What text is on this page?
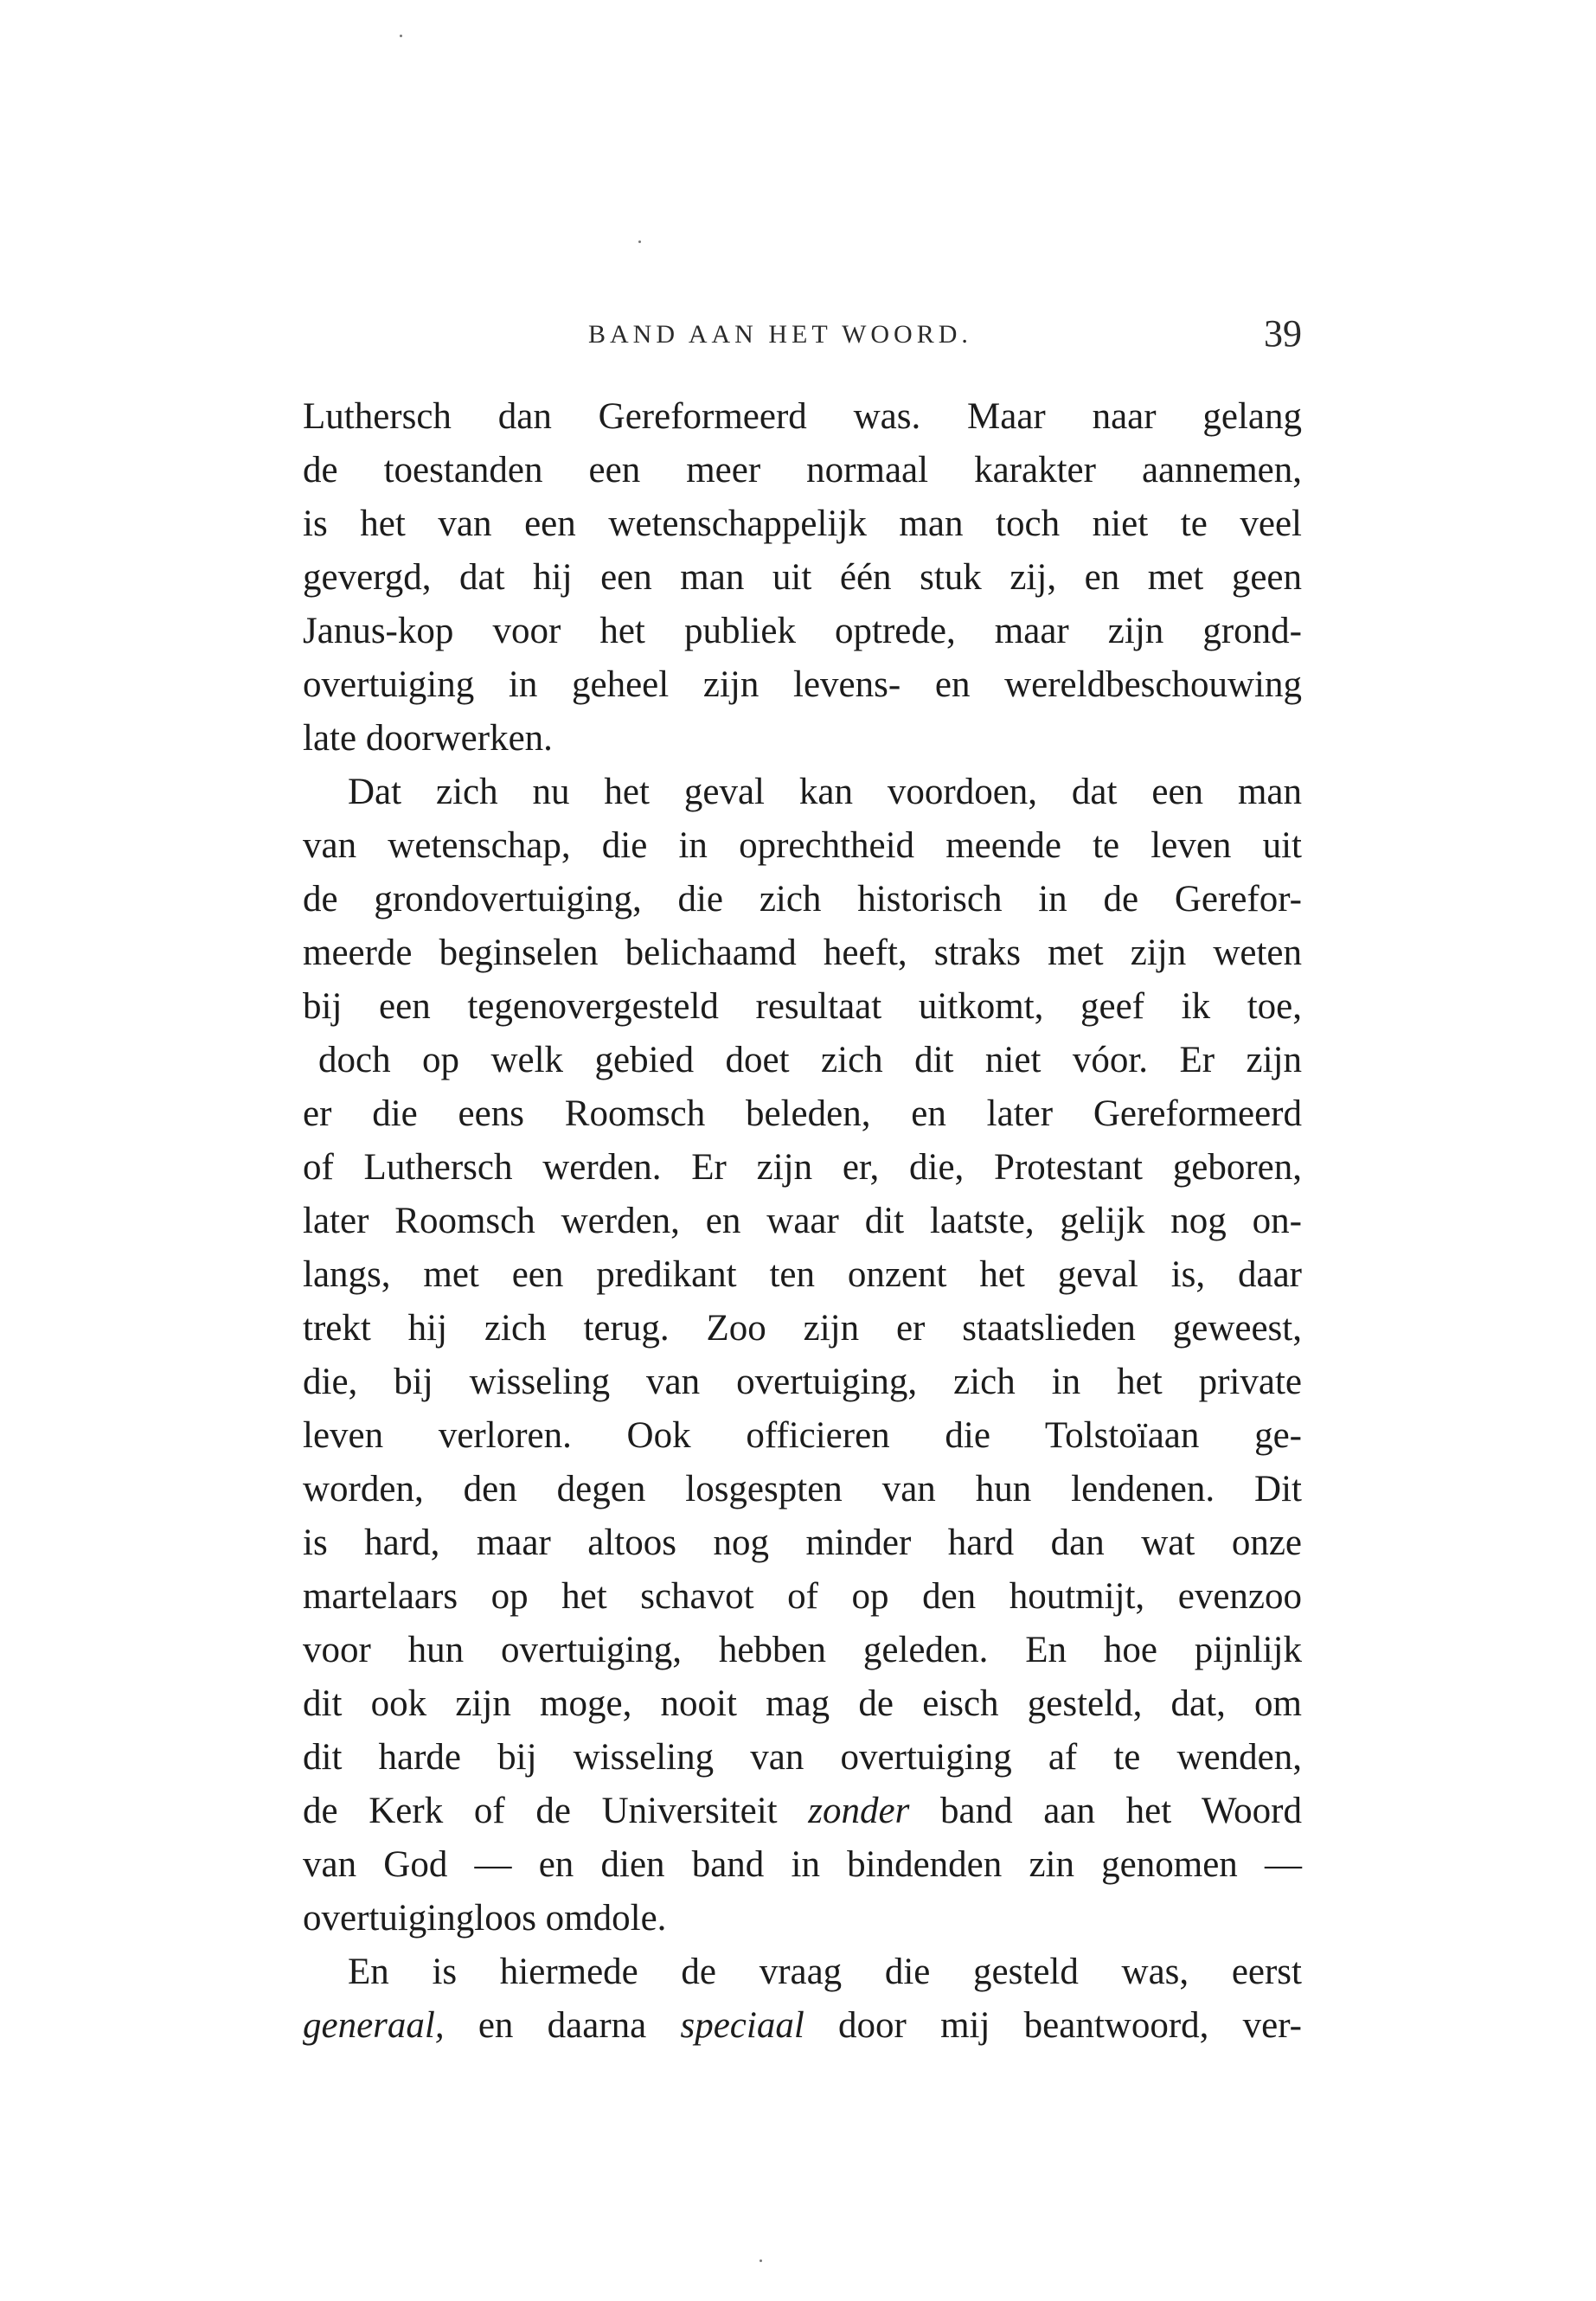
BAND AAN HET WOORD.	39
Luthersch dan Gereformeerd was. Maar naar gelang
de toestanden een meer normaal karakter aannemen,
is het van een wetenschappelijk man toch niet te veel
gevergd, dat hij een man uit één stuk zij, en met geen
Janus-kop voor het publiek optrede, maar zijn grond-
overtuiging in geheel zijn levens- en wereldbeschouwing
late doorwerken.
Dat zich nu het geval kan voordoen, dat een man
van wetenschap, die in oprechtheid meende te leven uit
de grondovertuiging, die zich historisch in de Gerefor-
meerde beginselen belichaamd heeft, straks met zijn weten
bij een tegenovergesteld resultaat uitkomt, geef ik toe,
doch op welk gebied doet zich dit niet vóor. Er zijn
er die eens Roomsch beleden, en later Gereformeerd
of Luthersch werden. Er zijn er, die, Protestant geboren,
later Roomsch werden, en waar dit laatste, gelijk nog on-
langs, met een predikant ten onzent het geval is, daar
trekt hij zich terug. Zoo zijn er staatslieden geweest,
die, bij wisseling van overtuiging, zich in het private
leven verloren. Ook officieren die Tolstoïaan ge-
worden, den degen losgespten van hun lendenen. Dit
is hard, maar altoos nog minder hard dan wat onze
martelaars op het schavot of op den houtmijt, evenzoo
voor hun overtuiging, hebben geleden. En hoe pijnlijk
dit ook zijn moge, nooit mag de eisch gesteld, dat, om
dit harde bij wisseling van overtuiging af te wenden,
de Kerk of de Universiteit zonder band aan het Woord
van God — en dien band in bindenden zin genomen —
overtuigingloos omdole.
En is hiermede de vraag die gesteld was, eerst
generaal, en daarna speciaal door mij beantwoord, ver-
